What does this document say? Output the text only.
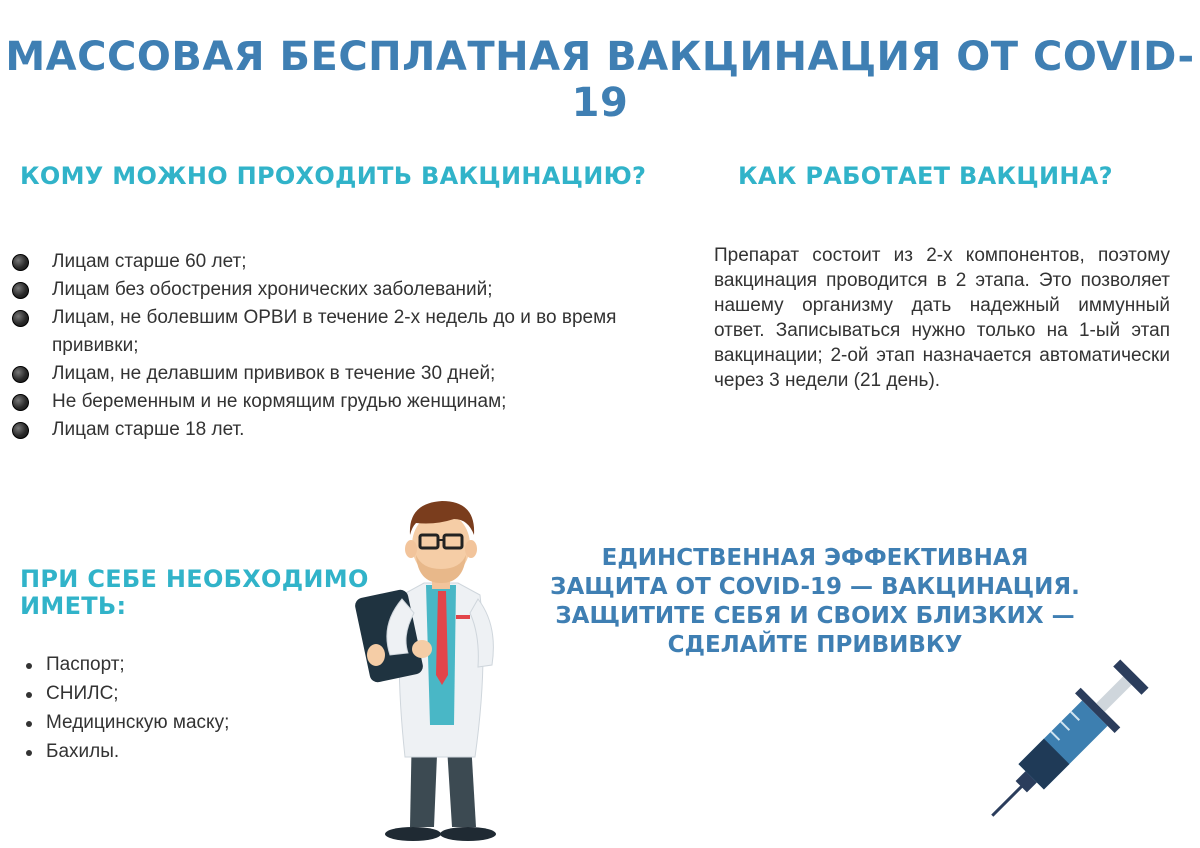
МАССОВАЯ БЕСПЛАТНАЯ ВАКЦИНАЦИЯ ОТ COVID-19
КОМУ МОЖНО ПРОХОДИТЬ ВАКЦИНАЦИЮ?
Лицам старше 60 лет;
Лицам без обострения хронических заболеваний;
Лицам, не болевшим ОРВИ в течение 2-х недель до и во время прививки;
Лицам, не делавшим прививок в течение 30 дней;
Не беременным и не кормящим грудью женщинам;
Лицам старше 18 лет.
КАК РАБОТАЕТ ВАКЦИНА?

Препарат состоит из 2-х компонентов, поэтому вакцинация проводится в 2 этапа. Это позволяет нашему организму дать надежный иммунный ответ. Записываться нужно только на 1-ый этап вакцинации; 2-ой этап назначается автоматически через 3 недели (21 день).

ПРИ СЕБЕ НЕОБХОДИМО ИМЕТЬ:
Паспорт;
СНИЛС;
Медицинскую маску;
Бахилы.
ЕДИНСТВЕННАЯ ЭФФЕКТИВНАЯ
ЗАЩИТА ОТ COVID-19 — ВАКЦИНАЦИЯ.
ЗАЩИТИТЕ СЕБЯ И СВОИХ БЛИЗКИХ —
СДЕЛАЙТЕ ПРИВИВКУ
